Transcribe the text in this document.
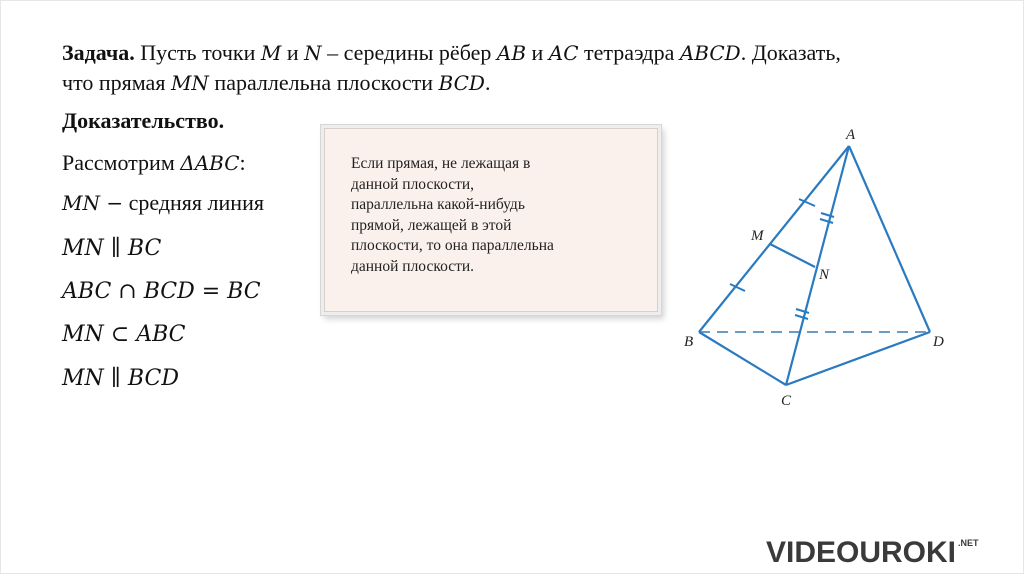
Задача. Пусть точки M и N – середины рёбер AB и AC тетраэдра ABCD. Доказать,
что прямая MN параллельна плоскости BCD.
Доказательство.
Рассмотрим ΔABC:
MN − средняя линия
MN ∥ BC
ABC ∩ BCD = BC
MN ⊂ ABC
MN ∥ BCD
Если прямая, не лежащая в
данной плоскости,
параллельна какой-нибудь
прямой, лежащей в этой
плоскости, то она параллельна
данной плоскости.
A
B
C
D
M
N
VIDEOUROKI $^{.NET}$
